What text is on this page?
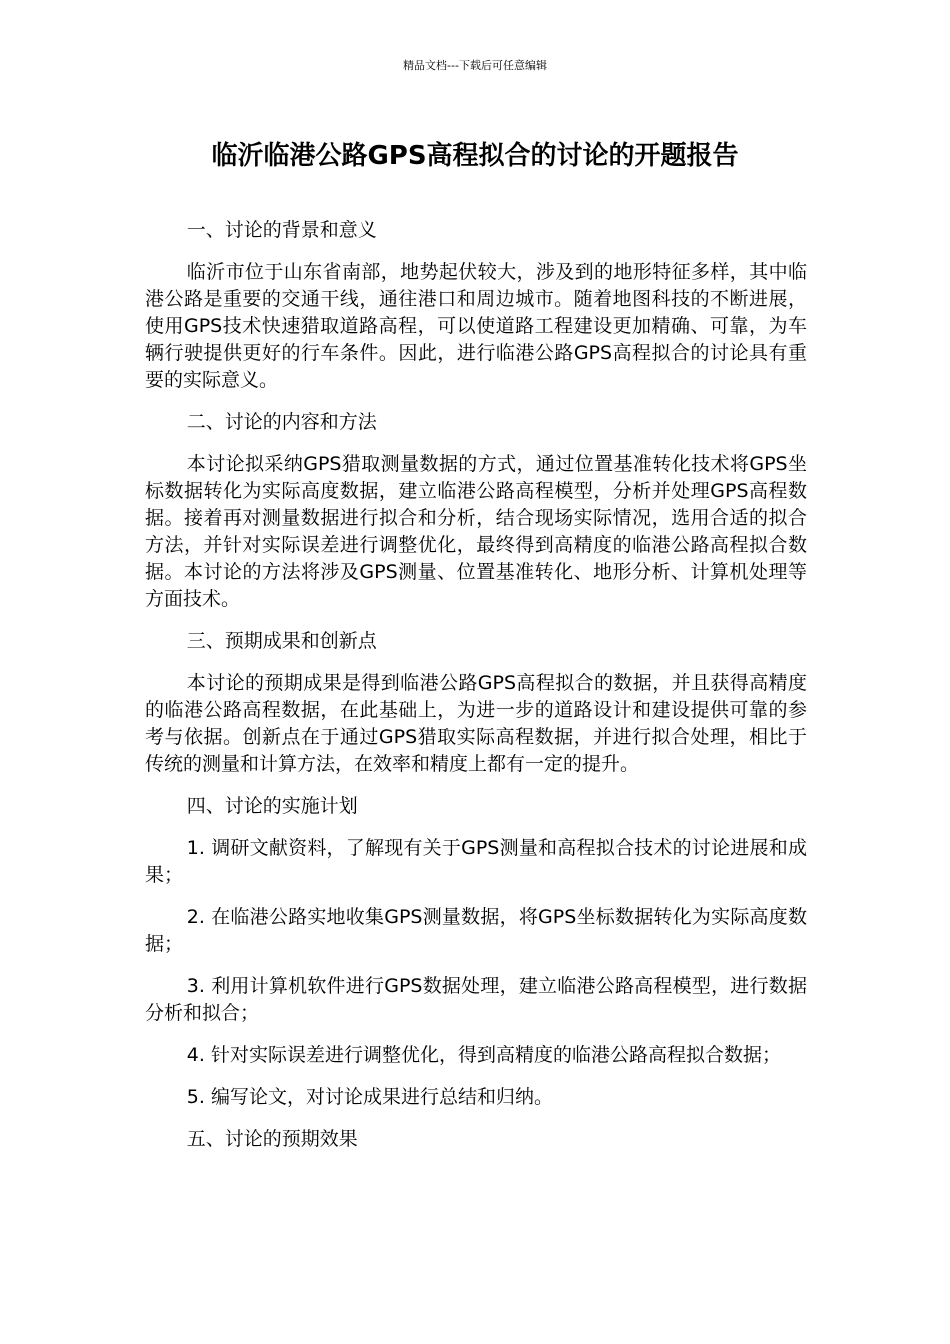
精品文档---下载后可任意编辑
临沂临港公路GPS高程拟合的讨论的开题报告

一、讨论的背景和意义

临沂市位于山东省南部，地势起伏较大，涉及到的地形特征多样，其中临港公路是重要的交通干线，通往港口和周边城市。随着地图科技的不断进展，使用GPS技术快速猎取道路高程，可以使道路工程建设更加精确、可靠，为车辆行驶提供更好的行车条件。因此，进行临港公路GPS高程拟合的讨论具有重要的实际意义。

二、讨论的内容和方法

本讨论拟采纳GPS猎取测量数据的方式，通过位置基准转化技术将GPS坐标数据转化为实际高度数据，建立临港公路高程模型，分析并处理GPS高程数据。接着再对测量数据进行拟合和分析，结合现场实际情况，选用合适的拟合方法，并针对实际误差进行调整优化，最终得到高精度的临港公路高程拟合数据。本讨论的方法将涉及GPS测量、位置基准转化、地形分析、计算机处理等方面技术。

三、预期成果和创新点

本讨论的预期成果是得到临港公路GPS高程拟合的数据，并且获得高精度的临港公路高程数据，在此基础上，为进一步的道路设计和建设提供可靠的参考与依据。创新点在于通过GPS猎取实际高程数据，并进行拟合处理，相比于传统的测量和计算方法，在效率和精度上都有一定的提升。

四、讨论的实施计划

1. 调研文献资料，了解现有关于GPS测量和高程拟合技术的讨论进展和成果；

2. 在临港公路实地收集GPS测量数据，将GPS坐标数据转化为实际高度数据；

3. 利用计算机软件进行GPS数据处理，建立临港公路高程模型，进行数据分析和拟合；

4. 针对实际误差进行调整优化，得到高精度的临港公路高程拟合数据；

5. 编写论文，对讨论成果进行总结和归纳。

五、讨论的预期效果
